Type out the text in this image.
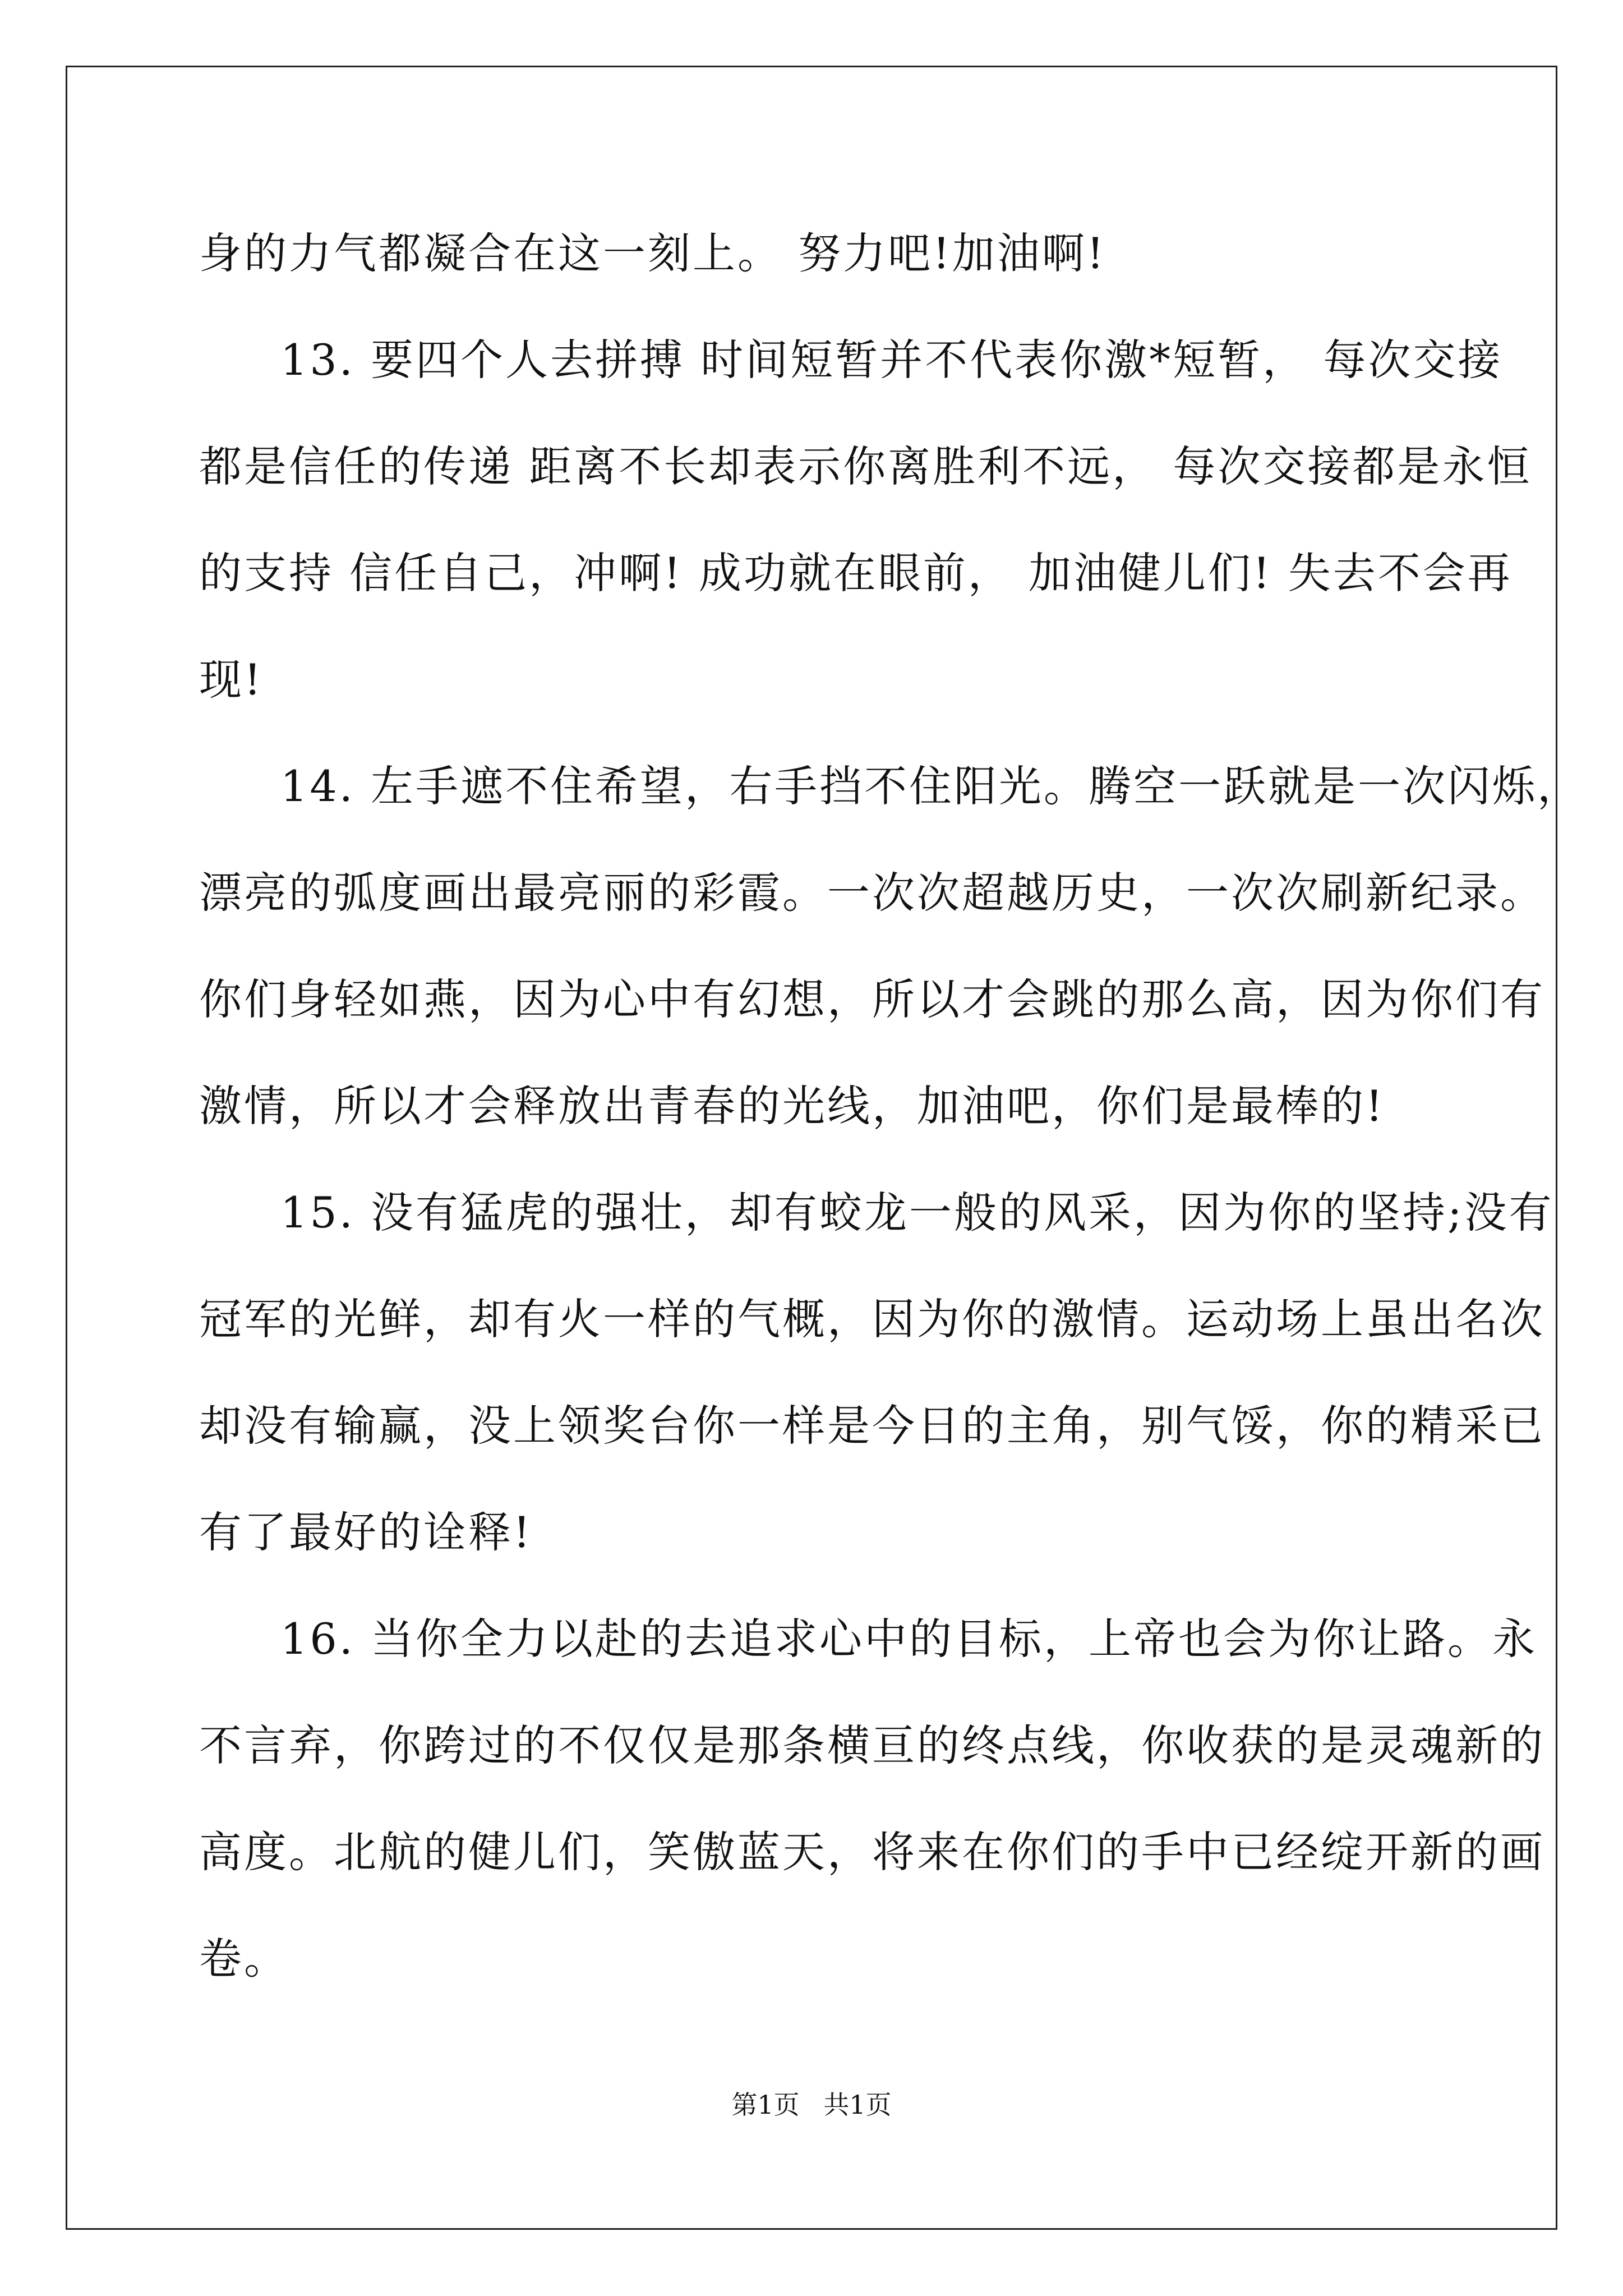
身的力气都凝合在这一刻上。 努力吧!加油啊!
13. 要四个人去拼搏 时间短暂并不代表你激*短暂， 每次交接
都是信任的传递 距离不长却表示你离胜利不远， 每次交接都是永恒
的支持 信任自己，冲啊! 成功就在眼前， 加油健儿们! 失去不会再
现!
14. 左手遮不住希望，右手挡不住阳光。腾空一跃就是一次闪烁，
漂亮的弧度画出最亮丽的彩霞。一次次超越历史，一次次刷新纪录。
你们身轻如燕，因为心中有幻想，所以才会跳的那么高，因为你们有
激情，所以才会释放出青春的光线，加油吧，你们是最棒的!
15. 没有猛虎的强壮，却有蛟龙一般的风采，因为你的坚持;没有
冠军的光鲜，却有火一样的气概，因为你的激情。运动场上虽出名次
却没有输赢，没上领奖台你一样是今日的主角，别气馁，你的精采已
有了最好的诠释!
16. 当你全力以赴的去追求心中的目标，上帝也会为你让路。永
不言弃，你跨过的不仅仅是那条横亘的终点线，你收获的是灵魂新的
高度。北航的健儿们，笑傲蓝天，将来在你们的手中已经绽开新的画
卷。
第1页 共1页
